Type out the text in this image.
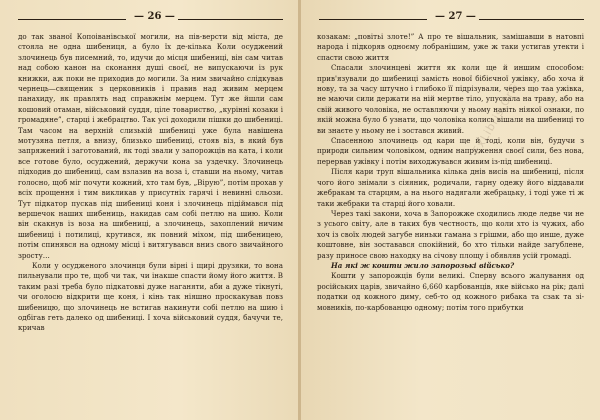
— 26 —

до так званої Копоіванівської могили, на пів-версти від міста, де стояла не одна шибениця, а було їх де-кілька Коли осуджений злочинець був писемний, то, идучи до місця шибениці, він сам читав над собою канон на сконання душі своєї, не випускаючи із рук книжки, аж поки не приходив до могили. За ним звичайно слідкував чернець—священик з церковників і правив над живим мерцем панахиду, як правлять над справжнім мерцем. Тут же йшли сам кошовий отаман, військовий суддя, ціле товариство, „курінні козаки і громадяне”, старці і жебрацтво. Так усі доходили пішки до шибениці. Там часом на верхній слизькій шибениці уже була навішена мотузяна петля, а внизу, близько шибениці, стояв віз, в який був запряжений і заготований, як тоді звали у запорожців на ката, і коли все готове було, осуджений, держучи кона за уздечку. Злочинець підходив до шибениці, сам взлазив на воза і, ставши на ньому, читав голосно, щоб міг почути кожний, хто там був, „Вірую”, потім прохав у всіх прощення і тим викликав у присутніх гарячі і невинні сльози. Тут підкатор пускав під шибениці коня і злочинець підіймався під вершечок наших шибениць, накидав сам собі петлю на шию. Коли він скакнув із воза на шибениці, а злочинець, захоплений ничим шибениці і потилиці, крутився, як повний міхом, під шибеницею, потім спинявся на одному місці і витягувався вниз свого звичайного зросту…

Коли у осудженого злочинця були вірні і щирі друзяки, то вона пильнували про те, щоб чи так, чи інакше спасти йому його життя. В таким разі треба було підкатовві дуже наганяти, аби а дуже тікнуті, чи оголосю відкрити ще коня, і кінь так ніяшно проскакував повз шибеницю, що злочинець не встигав накинути собі петлю на шию і одбігав геть далеко од шибениці. І хоча військовий суддя, бачучи те, кричав

— 27 —

козакам: „повітьі злоте!” А про те вішальник, замішавши в натовпі народа і підкоряв одноєму лобранішим, уже ж таки устигав утекти і спасти свою життя

Спасали злочинцеві життя як коли ще й иншим способом: прив'язували до шибениці замість нової бібієчної ужівку, або хоча й нову, та за часу штучно і глибоко її підрізували, через що таа ужівка, не маючи сили держати на ній мертве тіло, упускала на траву, або на свій живого чоловіка, не оставляючи у ньому навіть ніякої ознаки, по якій можна було б узнати, що чоловіка колись вішали на шибениці то ви знаєте у ньому не і зостався живий.

Спасенною злочинець од кари ще й тоді, коли він, будучи з природи сильним чоловіком, одним напруження своєї сили, без нова, перервав ужівку і потім виходжувався живим із-під шибениці.

Після кари труп вішальника кілька днів висів на шибениці, після чого його знімали з сіяяник, родичали, гарну одежу його віддавали жебракам та старцям, а на нього надягали жебрацьку, і тоді уже ті ж таки жебраки та старці його ховали.

Через такі закони, хоча в Запорожже сходились люде ледве чи не з усього світу, але в таких був честность, що коли хто із чужих, або хоч із своїх людей загубе ниньки гамана з грішми, або що инше, дуже коштовне, він зоставався спокійний, бо хто тільки найде загублене, разу приносе свою находку на січову площу і обявляв усій громаді.

На які ж кошти жило запорозькі військо?

Кошти у запорожців були великі. Сперву всього жалування од російських царів, звичайно 6,660 карбованців, яке військо на рік; далі податки од кожного диму, себ-то од кожного рибака та сзак та зімовників, по-карбованцю одному; потім того прибутки

ExLibris.OrG
